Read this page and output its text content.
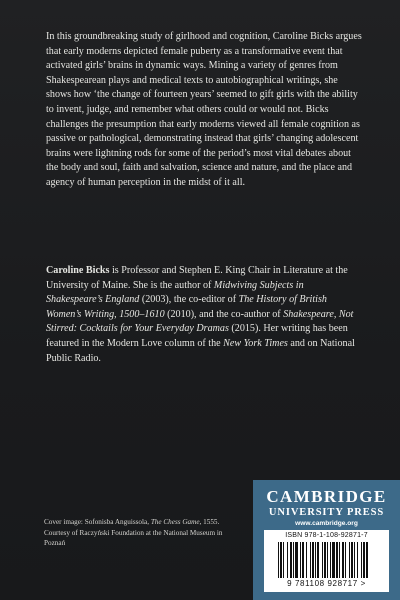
In this groundbreaking study of girlhood and cognition, Caroline Bicks argues that early moderns depicted female puberty as a transformative event that activated girls’ brains in dynamic ways. Mining a variety of genres from Shakespearean plays and medical texts to autobiographical writings, she shows how ‘the change of fourteen years’ seemed to gift girls with the ability to invent, judge, and remember what others could or would not. Bicks challenges the presumption that early moderns viewed all female cognition as passive or pathological, demonstrating instead that girls’ changing adolescent brains were lightning rods for some of the period’s most vital debates about the body and soul, faith and salvation, science and nature, and the place and agency of human perception in the midst of it all.

Caroline Bicks is Professor and Stephen E. King Chair in Literature at the University of Maine. She is the author of Midwiving Subjects in Shakespeare’s England (2003), the co-editor of The History of British Women’s Writing, 1500–1610 (2010), and the co-author of Shakespeare, Not Stirred: Cocktails for Your Everyday Dramas (2015). Her writing has been featured in the Modern Love column of the New York Times and on National Public Radio.

Cover image: Sofonisba Anguissola, The Chess Game, 1555. Courtesy of Raczyński Foundation at the National Museum in Poznań

CAMBRIDGE
UNIVERSITY PRESS
www.cambridge.org
ISBN 978-1-108-92871-7
9 781108 928717 >
